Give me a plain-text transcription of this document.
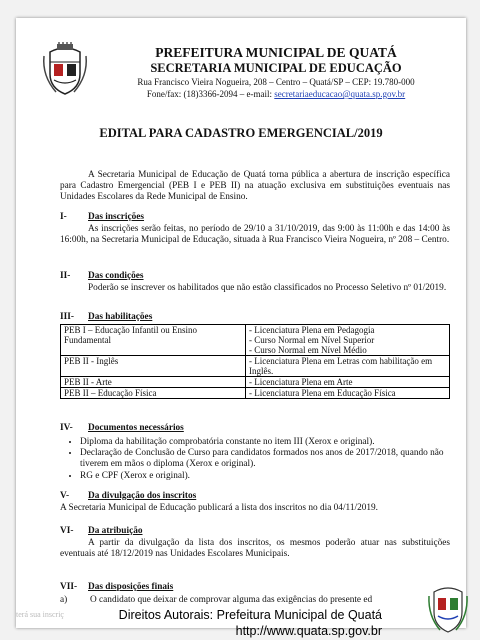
PREFEITURA MUNICIPAL DE QUATÁ
SECRETARIA MUNICIPAL DE EDUCAÇÃO
Rua Francisco Vieira Nogueira, 208 – Centro – Quatá/SP – CEP: 19.780-000
Fone/fax: (18)3366-2094 – e-mail: secretariaeducacao@quata.sp.gov.br
EDITAL PARA CADASTRO EMERGENCIAL/2019
A Secretaria Municipal de Educação de Quatá torna pública a abertura de inscrição específica para Cadastro Emergencial (PEB I e PEB II) na atuação exclusiva em substituições eventuais nas Unidades Escolares da Rede Municipal de Ensino.
I- Das inscrições
As inscrições serão feitas, no período de 29/10 a 31/10/2019, das 9:00 às 11:00h e das 14:00 às 16:00h, na Secretaria Municipal de Educação, situada à Rua Francisco Vieira Nogueira, nº 208 – Centro.
II- Das condições
Poderão se inscrever os habilitados que não estão classificados no Processo Seletivo nº 01/2019.
III- Das habilitações
PEB I – Educação Infantil ou Ensino Fundamental	- Licenciatura Plena em Pedagogia
- Curso Normal em Nível Superior
- Curso Normal em Nível Médio

PEB II - Inglês	- Licenciatura Plena em Letras com habilitação em Inglês.

PEB II - Arte	- Licenciatura Plena em Arte

PEB II – Educação Física	- Licenciatura Plena em Educação Física
IV- Documentos necessários
• Diploma da habilitação comprobatória constante no item III (Xerox e original).
• Declaração de Conclusão de Curso para candidatos formados nos anos de 2017/2018, quando não tiverem em mãos o diploma (Xerox e original).
• RG e CPF (Xerox e original).
V- Da divulgação dos inscritos
A Secretaria Municipal de Educação publicará a lista dos inscritos no dia 04/11/2019.
VI- Da atribuição
A partir da divulgação da lista dos inscritos, os mesmos poderão atuar nas substituições eventuais até 18/12/2019 nas Unidades Escolares Municipais.
VII- Das disposições finais
a) O candidato que deixar de comprovar alguma das exigências do presente ed
terá sua inscriç	Direitos Autorais: Prefeitura Municipal de Quatá
http://www.quata.sp.gov.br
